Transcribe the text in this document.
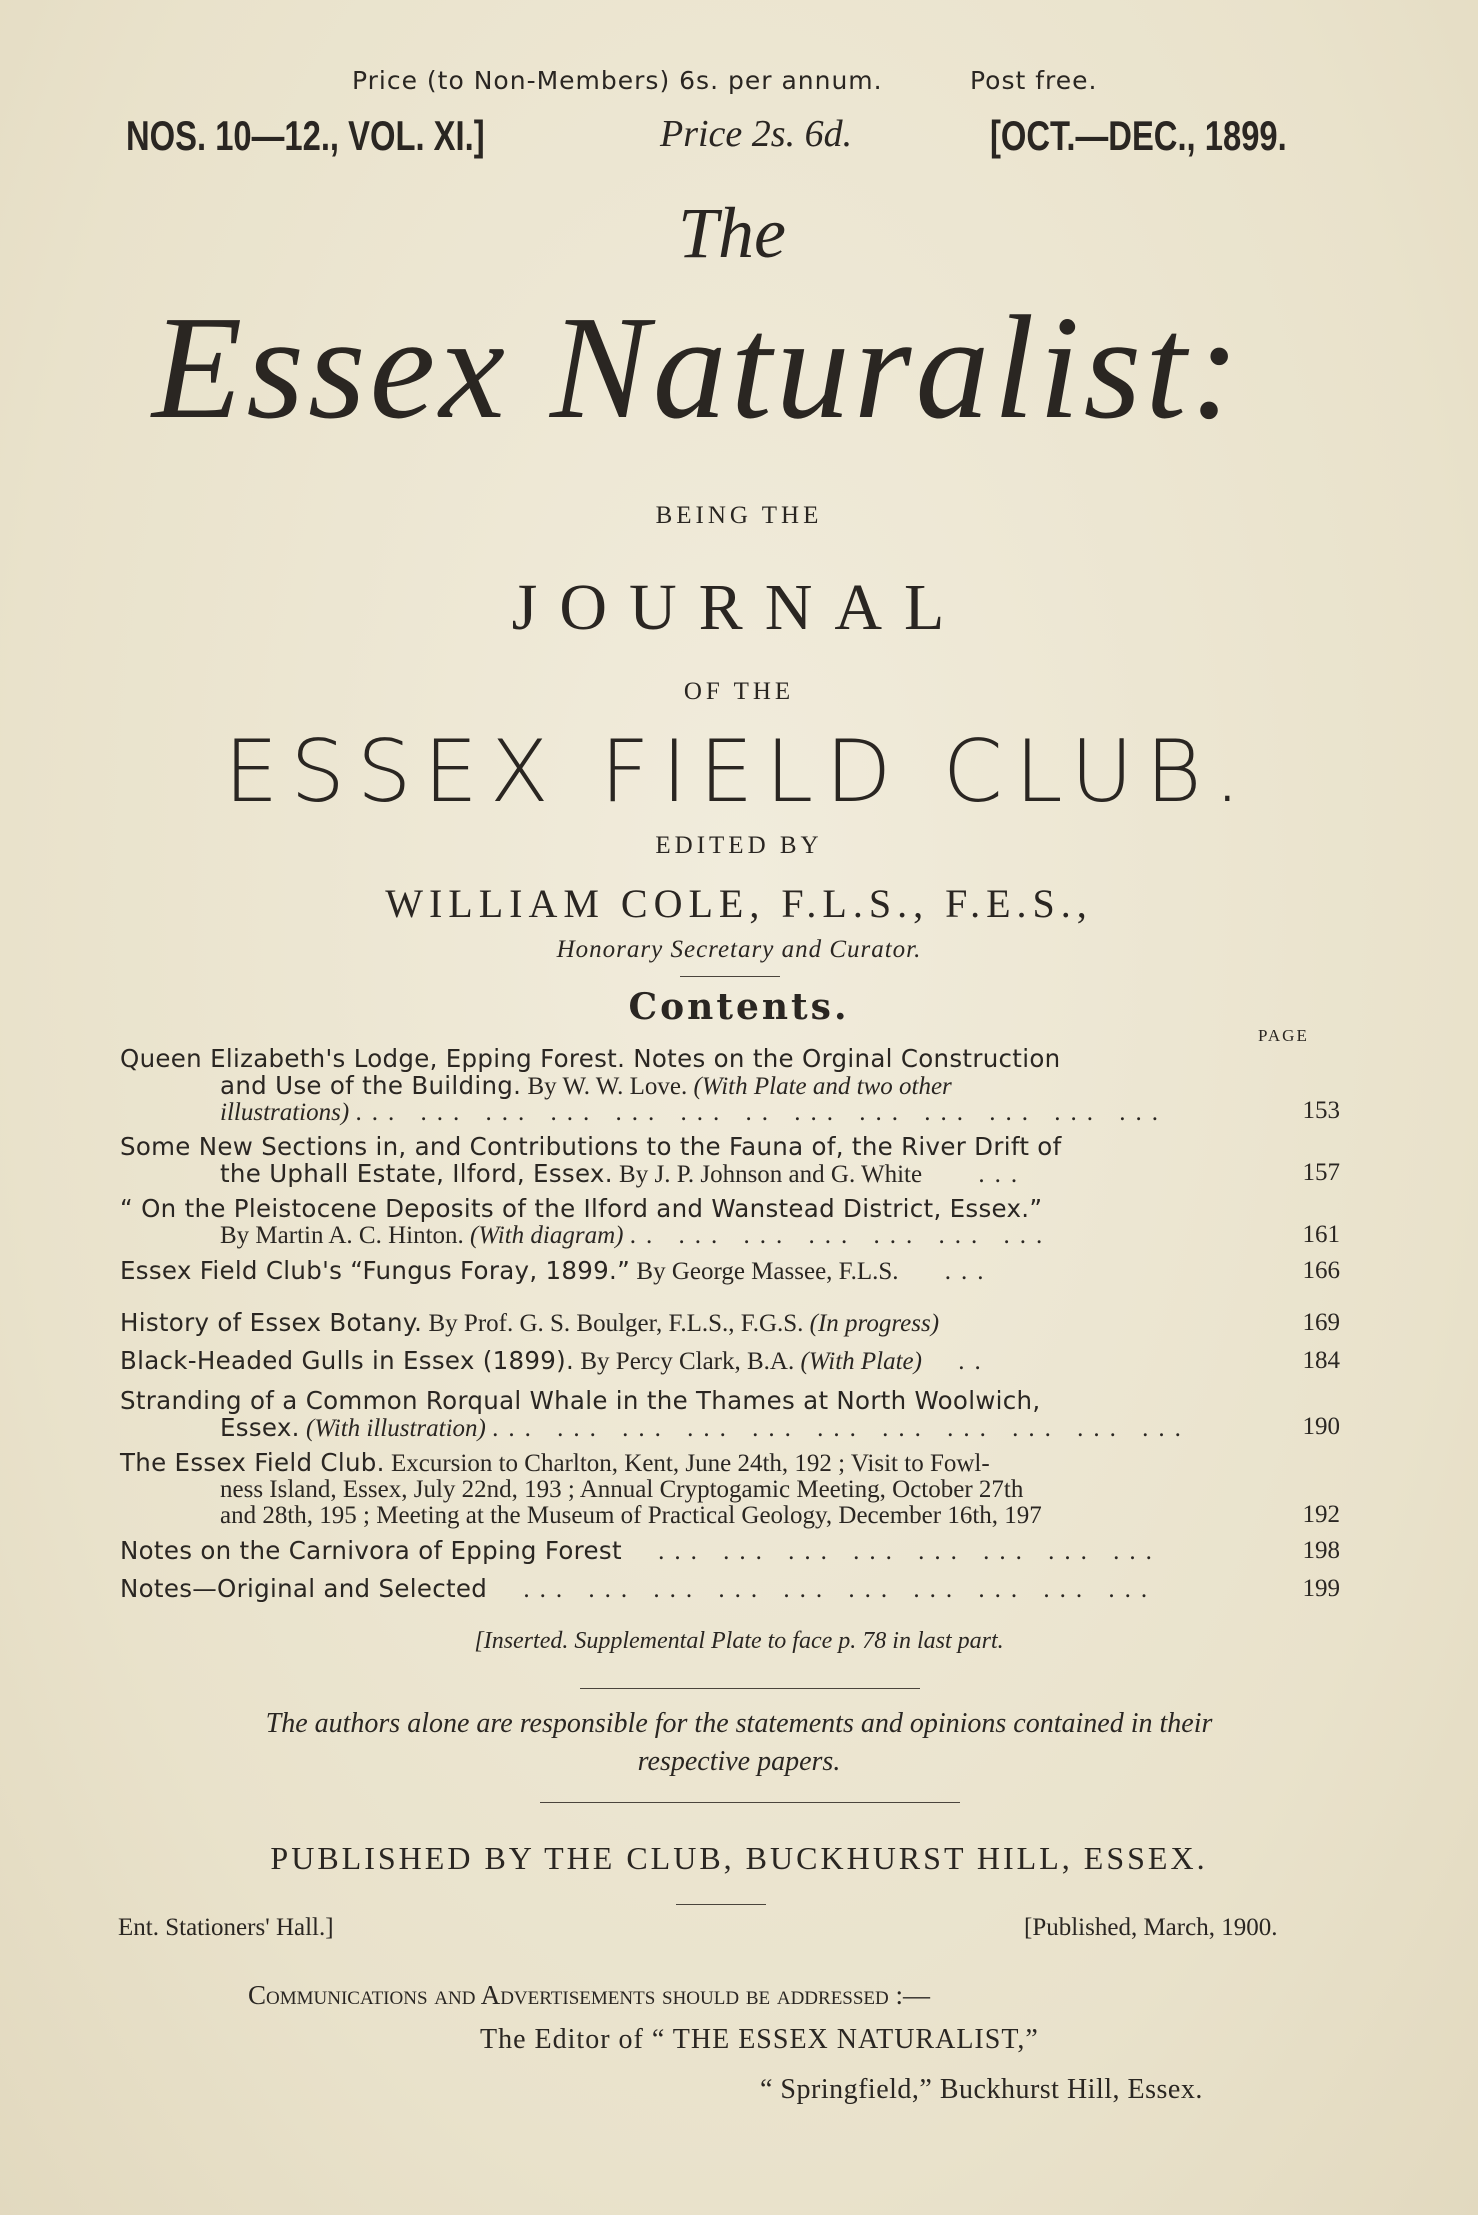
Price (to Non-Members) 6s. per annum.	Post free.
NOS. 10—12., VOL. XI.]	Price 2s. 6d.	[OCT.—DEC., 1899.
The
Essex Naturalist:
BEING THE
JOURNAL
OF THE
ESSEX FIELD CLUB.
EDITED BY
WILLIAM COLE, F.L.S., F.E.S.,
Honorary Secretary and Curator.
Contents.
PAGE
Queen Elizabeth's Lodge, Epping Forest. Notes on the Orginal Construction
and Use of the Building. By W. W. Love. (With Plate and two other
illustrations) ... ... ... ... ... ... .. ... ... ... ... ... ...	153
Some New Sections in, and Contributions to the Fauna of, the River Drift of
the Uphall Estate, Ilford, Essex. By J. P. Johnson and G. White ...	157
“ On the Pleistocene Deposits of the Ilford and Wanstead District, Essex.”
By Martin A. C. Hinton. (With diagram) .. ... ... ... ... ... ...	161
Essex Field Club's “Fungus Foray, 1899.” By George Massee, F.L.S. ...	166
History of Essex Botany. By Prof. G. S. Boulger, F.L.S., F.G.S. (In progress)	169
Black-Headed Gulls in Essex (1899). By Percy Clark, B.A. (With Plate) ..	184
Stranding of a Common Rorqual Whale in the Thames at North Woolwich,
Essex. (With illustration) ... ... ... ... ... ... ... ... ... ... ...	190
The Essex Field Club. Excursion to Charlton, Kent, June 24th, 192 ; Visit to Fowl-
ness Island, Essex, July 22nd, 193 ; Annual Cryptogamic Meeting, October 27th
and 28th, 195 ; Meeting at the Museum of Practical Geology, December 16th, 197	192
Notes on the Carnivora of Epping Forest ... ... ... ... ... ... ... ...	198
Notes—Original and Selected ... ... ... ... ... ... ... ... ... ...	199
[Inserted. Supplemental Plate to face p. 78 in last part.
The authors alone are responsible for the statements and opinions contained in their
respective papers.
PUBLISHED BY THE CLUB, BUCKHURST HILL, ESSEX.
Ent. Stationers' Hall.]	[Published, March, 1900.
Communications and Advertisements should be addressed :—
The Editor of “ THE ESSEX NATURALIST,”
“ Springfield,” Buckhurst Hill, Essex.
